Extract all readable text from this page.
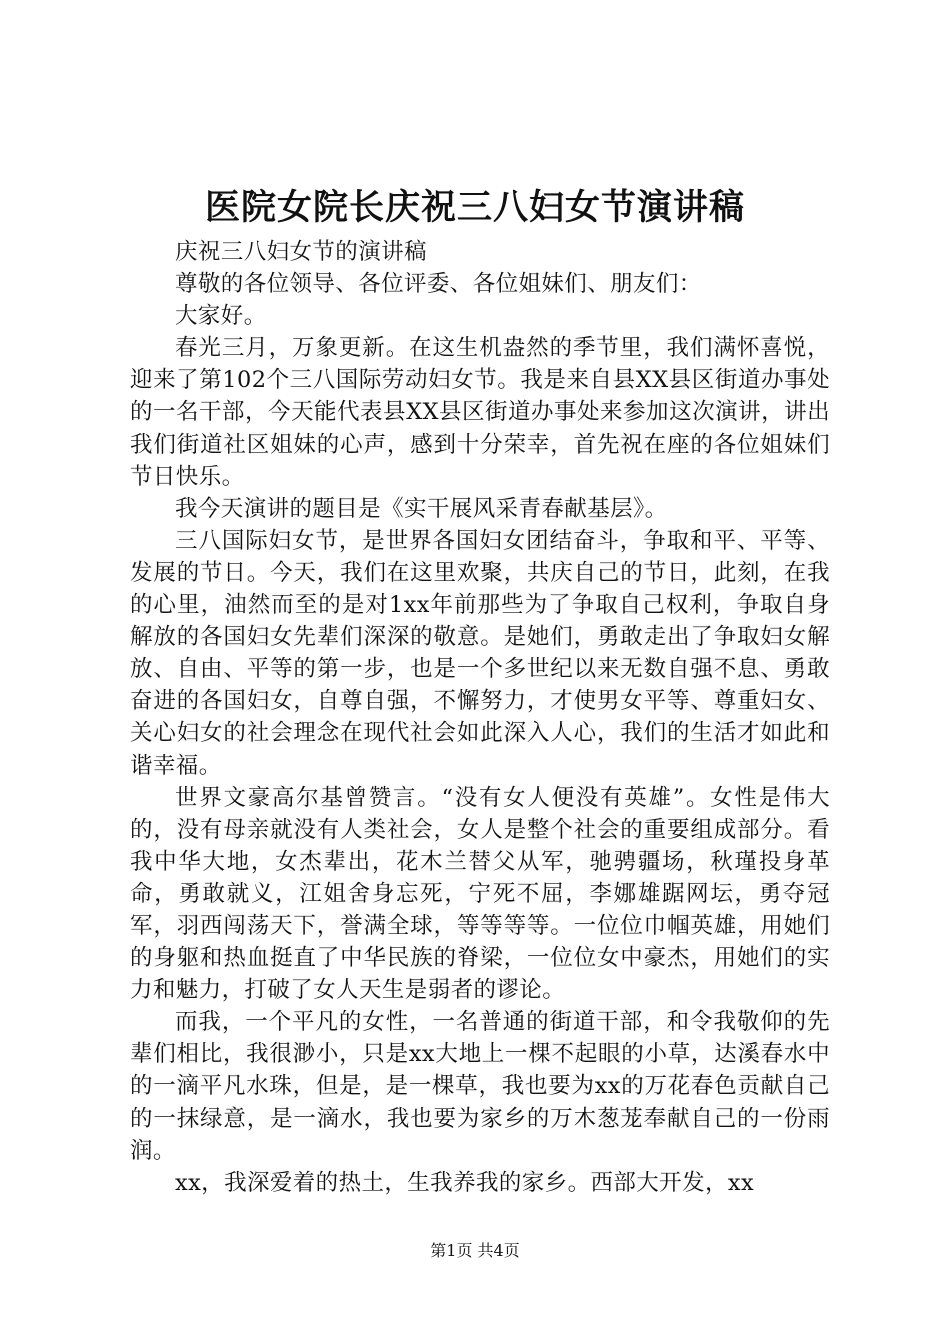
医院女院长庆祝三八妇女节演讲稿

庆祝三八妇女节的演讲稿

尊敬的各位领导、各位评委、各位姐妹们、朋友们：

大家好。

春光三月，万象更新。在这生机盎然的季节里，我们满怀喜悦，迎来了第102个三八国际劳动妇女节。我是来自县XX县区街道办事处的一名干部，今天能代表县XX县区街道办事处来参加这次演讲，讲出我们街道社区姐妹的心声，感到十分荣幸，首先祝在座的各位姐妹们节日快乐。

我今天演讲的题目是《实干展风采青春献基层》。

三八国际妇女节，是世界各国妇女团结奋斗，争取和平、平等、发展的节日。今天，我们在这里欢聚，共庆自己的节日，此刻，在我的心里，油然而至的是对1xx年前那些为了争取自己权利，争取自身解放的各国妇女先辈们深深的敬意。是她们，勇敢走出了争取妇女解放、自由、平等的第一步，也是一个多世纪以来无数自强不息、勇敢奋进的各国妇女，自尊自强，不懈努力，才使男女平等、尊重妇女、关心妇女的社会理念在现代社会如此深入人心，我们的生活才如此和谐幸福。

世界文豪高尔基曾赞言。“没有女人便没有英雄”。女性是伟大的，没有母亲就没有人类社会，女人是整个社会的重要组成部分。看我中华大地，女杰辈出，花木兰替父从军，驰骋疆场，秋瑾投身革命，勇敢就义，江姐舍身忘死，宁死不屈，李娜雄踞网坛，勇夺冠军，羽西闯荡天下，誉满全球，等等等等。一位位巾帼英雄，用她们的身躯和热血挺直了中华民族的脊梁，一位位女中豪杰，用她们的实力和魅力，打破了女人天生是弱者的谬论。

而我，一个平凡的女性，一名普通的街道干部，和令我敬仰的先辈们相比，我很渺小，只是xx大地上一棵不起眼的小草，达溪春水中的一滴平凡水珠，但是，是一棵草，我也要为xx的万花春色贡献自己的一抹绿意，是一滴水，我也要为家乡的万木葱茏奉献自己的一份雨润。

xx，我深爱着的热土，生我养我的家乡。西部大开发，xx

第1页 共4页
